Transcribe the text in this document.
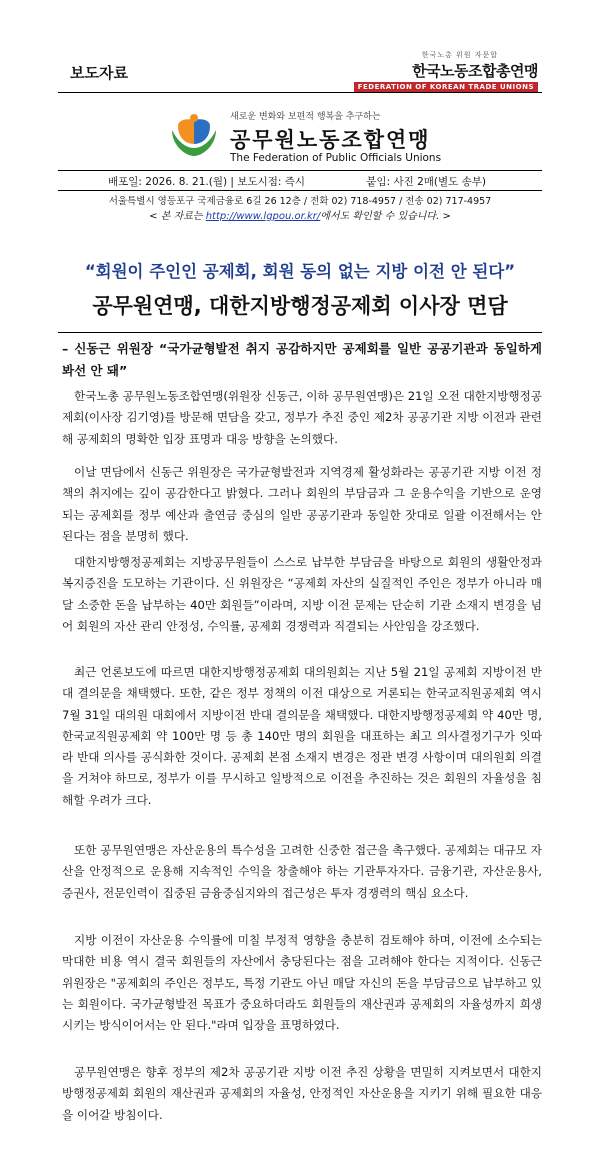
보도자료
한국노총 위원 자문합
한국노동조합총연맹
FEDERATION OF KOREAN TRADE UNIONS
새로운 변화와 보편적 행복을 추구하는
공무원노동조합연맹
The Federation of Public Officials Unions
배포일: 2026. 8. 21.(월) | 보도시점: 즉시	붙임: 사진 2매(별도 송부)
서울특별시 영등포구 국제금융로 6길 26 12층 / 전화 02) 718-4957 / 전송 02) 717-4957
< 본 자료는 http://www.lgpou.or.kr/에서도 확인할 수 있습니다. >
“회원이 주인인 공제회, 회원 동의 없는 지방 이전 안 된다”
공무원연맹, 대한지방행정공제회 이사장 면담
– 신동근 위원장 “국가균형발전 취지 공감하지만 공제회를 일반 공공기관과 동일하게 봐선 안 돼”
한국노총 공무원노동조합연맹(위원장 신동근, 이하 공무원연맹)은 21일 오전 대한지방행정공제회(이사장 김기영)를 방문해 면담을 갖고, 정부가 추진 중인 제2차 공공기관 지방 이전과 관련해 공제회의 명확한 입장 표명과 대응 방향을 논의했다.
이날 면담에서 신동근 위원장은 국가균형발전과 지역경제 활성화라는 공공기관 지방 이전 정책의 취지에는 깊이 공감한다고 밝혔다. 그러나 회원의 부담금과 그 운용수익을 기반으로 운영되는 공제회를 정부 예산과 출연금 중심의 일반 공공기관과 동일한 잣대로 일괄 이전해서는 안 된다는 점을 분명히 했다.
대한지방행정공제회는 지방공무원들이 스스로 납부한 부담금을 바탕으로 회원의 생활안정과 복지증진을 도모하는 기관이다. 신 위원장은 “공제회 자산의 실질적인 주인은 정부가 아니라 매달 소중한 돈을 납부하는 40만 회원들”이라며, 지방 이전 문제는 단순히 기관 소재지 변경을 넘어 회원의 자산 관리 안정성, 수익률, 공제회 경쟁력과 직결되는 사안임을 강조했다.
최근 언론보도에 따르면 대한지방행정공제회 대의원회는 지난 5월 21일 공제회 지방이전 반대 결의문을 채택했다. 또한, 같은 정부 정책의 이전 대상으로 거론되는 한국교직원공제회 역시 7월 31일 대의원 대회에서 지방이전 반대 결의문을 채택했다. 대한지방행정공제회 약 40만 명, 한국교직원공제회 약 100만 명 등 총 140만 명의 회원을 대표하는 최고 의사결정기구가 잇따라 반대 의사를 공식화한 것이다. 공제회 본점 소재지 변경은 정관 변경 사항이며 대의원회 의결을 거쳐야 하므로, 정부가 이를 무시하고 일방적으로 이전을 추진하는 것은 회원의 자율성을 침해할 우려가 크다.
또한 공무원연맹은 자산운용의 특수성을 고려한 신중한 접근을 촉구했다. 공제회는 대규모 자산을 안정적으로 운용해 지속적인 수익을 창출해야 하는 기관투자자다. 금융기관, 자산운용사, 증권사, 전문인력이 집중된 금융중심지와의 접근성은 투자 경쟁력의 핵심 요소다.
지방 이전이 자산운용 수익률에 미칠 부정적 영향을 충분히 검토해야 하며, 이전에 소수되는 막대한 비용 역시 결국 회원들의 자산에서 충당된다는 점을 고려해야 한다는 지적이다. 신동근 위원장은 "공제회의 주인은 정부도, 특정 기관도 아닌 매달 자신의 돈을 부담금으로 납부하고 있는 회원이다. 국가균형발전 목표가 중요하더라도 회원들의 재산권과 공제회의 자율성까지 희생시키는 방식이어서는 안 된다."라며 입장을 표명하였다.
공무원연맹은 향후 정부의 제2차 공공기관 지방 이전 추진 상황을 면밀히 지켜보면서 대한지방행정공제회 회원의 재산권과 공제회의 자율성, 안정적인 자산운용을 지키기 위해 필요한 대응을 이어갈 방침이다.
